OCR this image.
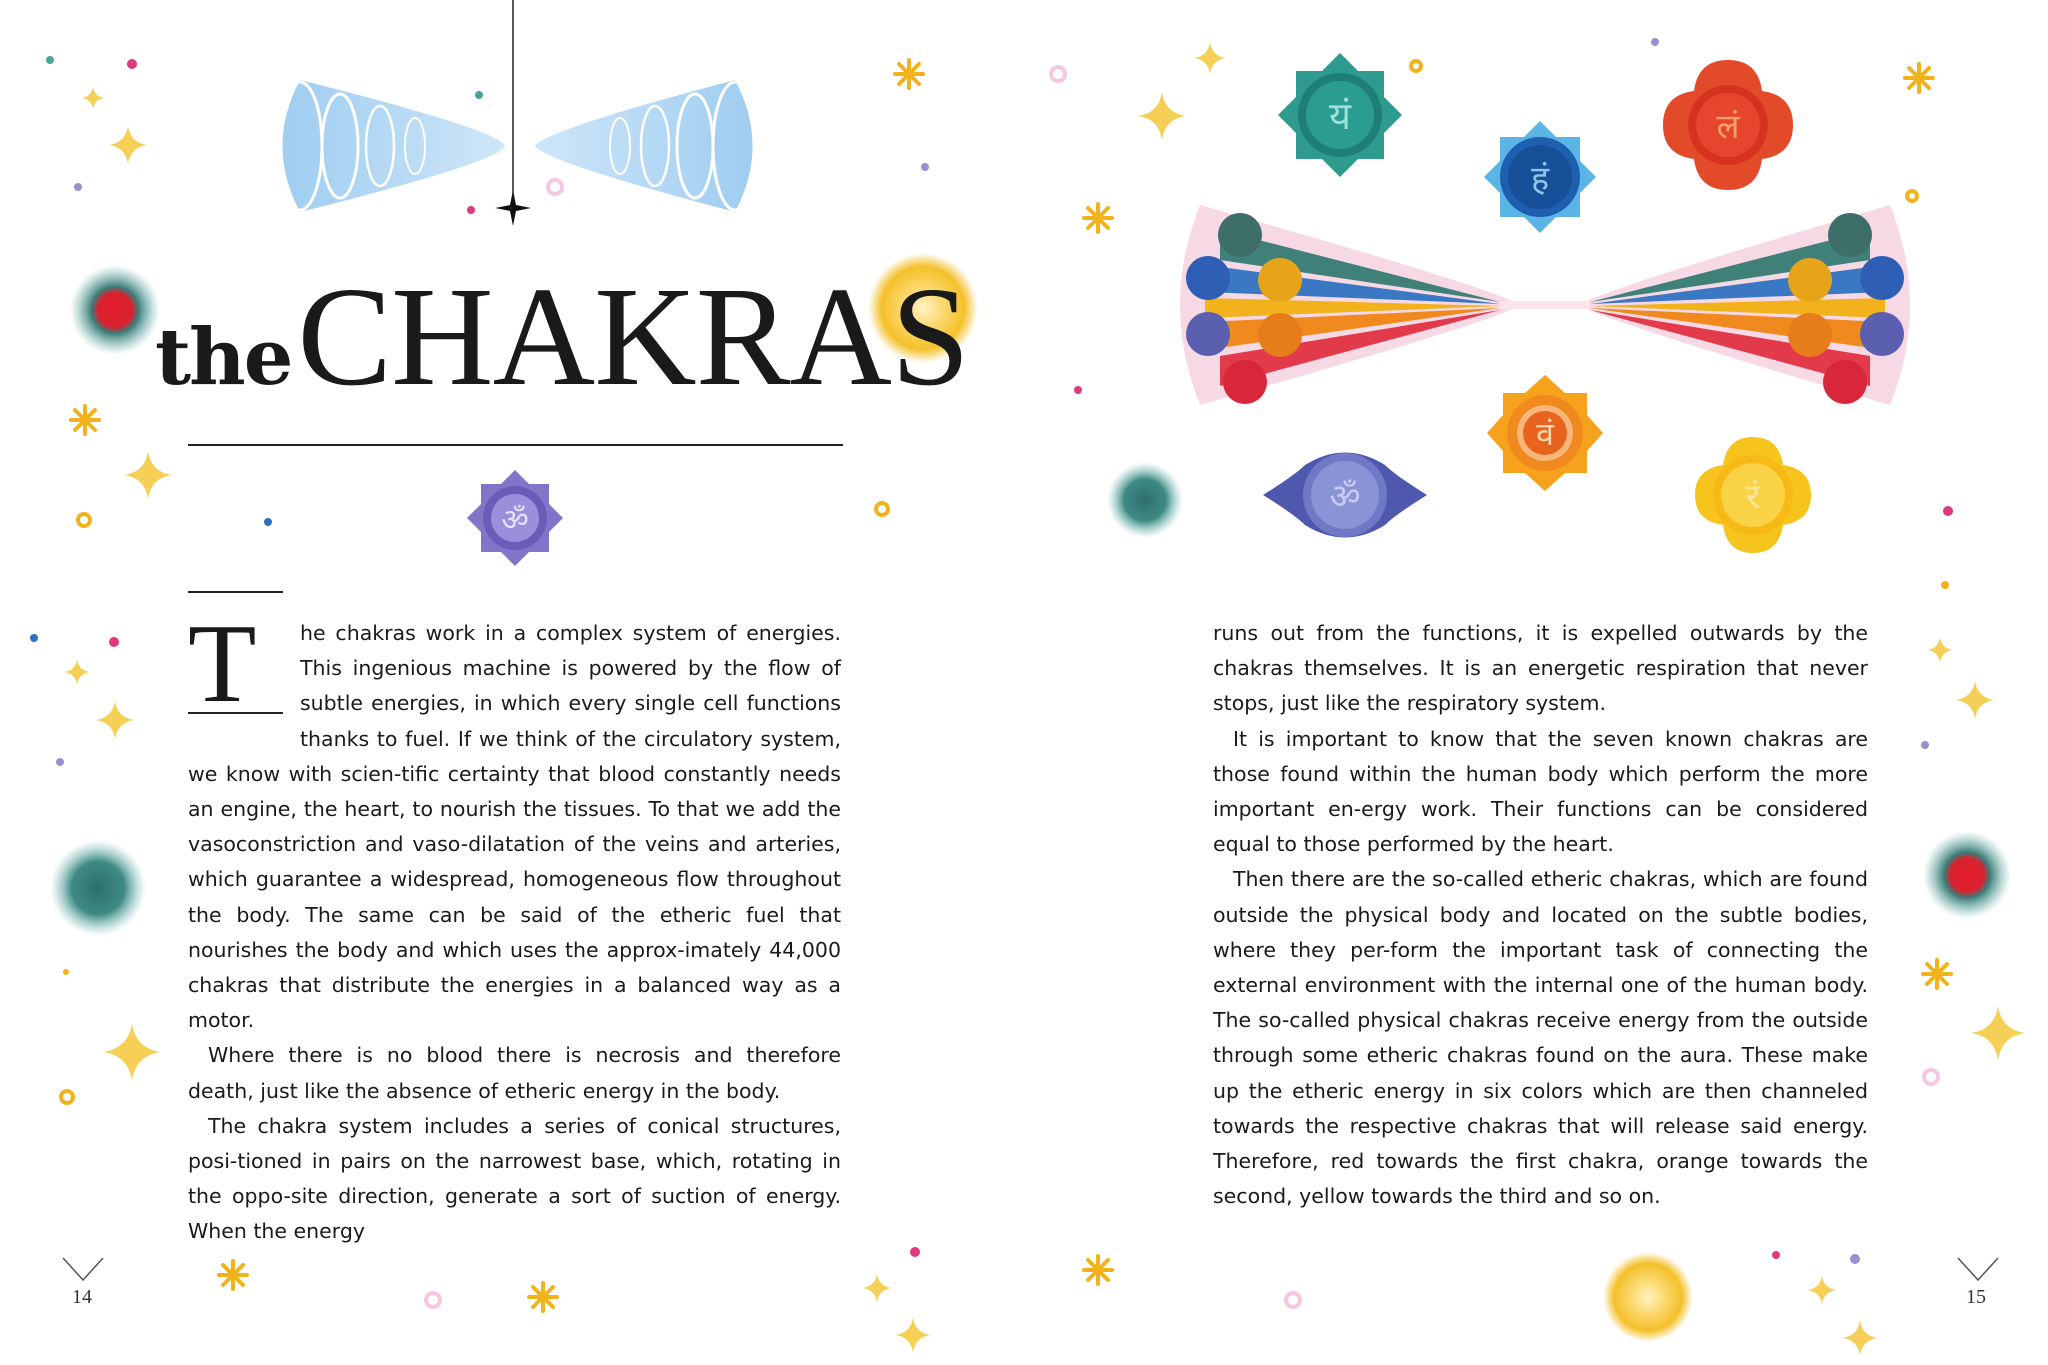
ॐ
यं
हं
लं
वं
ॐ	रं
the CHAKRAS
T	he chakras work in a complex system of energies. This ingenious machine is powered by the flow of subtle energies, in which every single cell functions thanks to fuel. If we think of the circulatory system, we know with scien-tific certainty that blood constantly needs an engine, the heart, to nourish the tissues. To that we add the vasoconstriction and vaso-dilatation of the veins and arteries, which guarantee a widespread, homogeneous flow throughout the body. The same can be said of the etheric fuel that nourishes the body and which uses the approx-imately 44,000 chakras that distribute the energies in a balanced way as a motor.

Where there is no blood there is necrosis and therefore death, just like the absence of etheric energy in the body.

The chakra system includes a series of conical structures, posi-tioned in pairs on the narrowest base, which, rotating in the oppo-site direction, generate a sort of suction of energy. When the energy

runs out from the functions, it is expelled outwards by the chakras themselves. It is an energetic respiration that never stops, just like the respiratory system.

It is important to know that the seven known chakras are those found within the human body which perform the more important en-ergy work. Their functions can be considered equal to those performed by the heart.

Then there are the so-called etheric chakras, which are found outside the physical body and located on the subtle bodies, where they per-form the important task of connecting the external environment with the internal one of the human body. The so-called physical chakras receive energy from the outside through some etheric chakras found on the aura. These make up the etheric energy in six colors which are then channeled towards the respective chakras that will release said energy. Therefore, red towards the first chakra, orange towards the second, yellow towards the third and so on.

14	15
